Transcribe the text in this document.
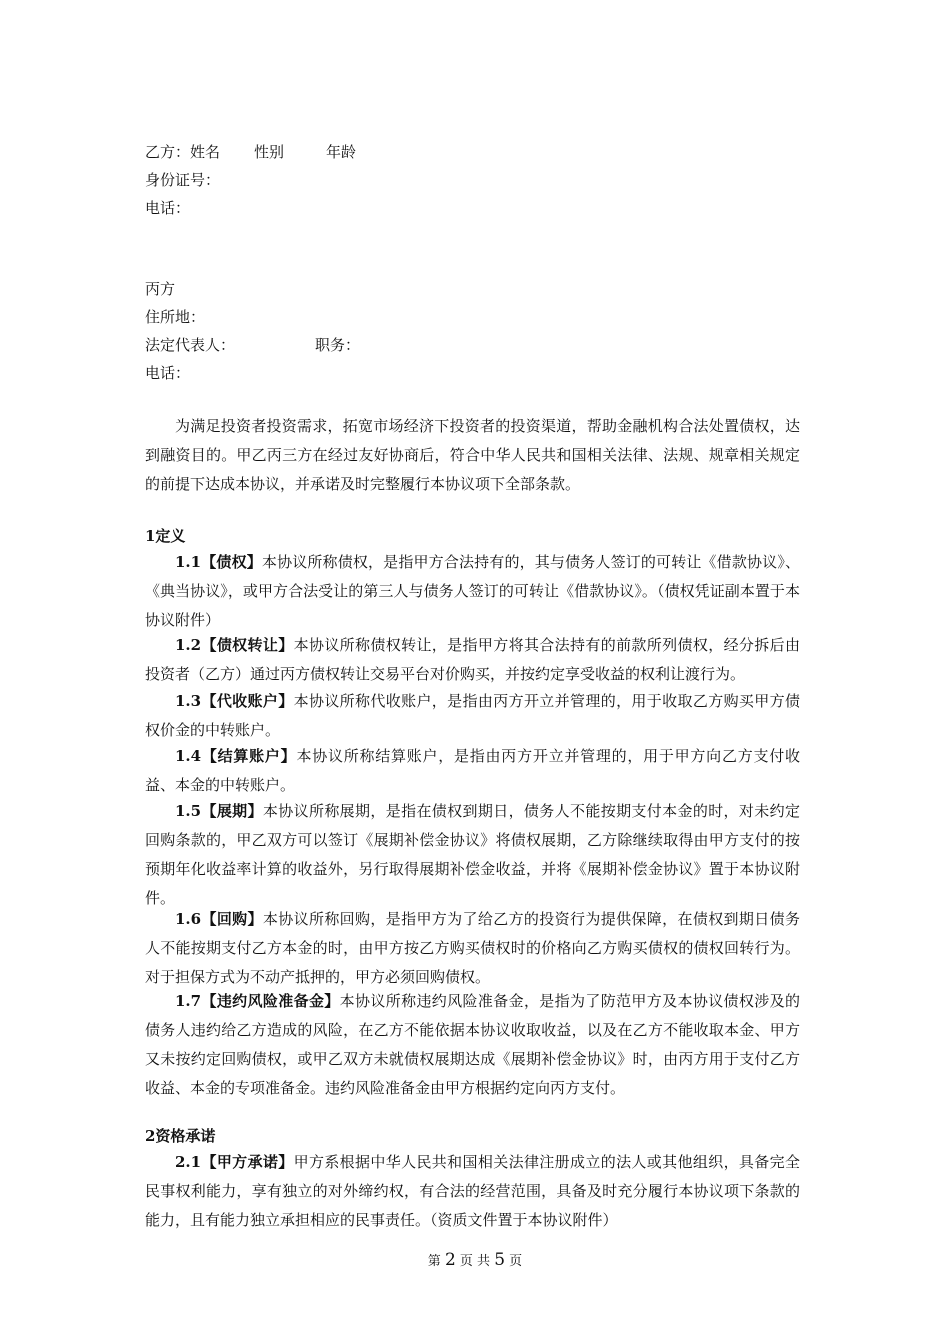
乙方：姓名 性别	年龄
身份证号：
电话：
丙方
住所地：
法定代表人：	职务：
电话：
为满足投资者投资需求，拓宽市场经济下投资者的投资渠道，帮助金融机构合法处置债权，达到融资目的。甲乙丙三方在经过友好协商后，符合中华人民共和国相关法律、法规、规章相关规定的前提下达成本协议，并承诺及时完整履行本协议项下全部条款。
1定义
1.1【债权】本协议所称债权，是指甲方合法持有的，其与债务人签订的可转让《借款协议》、《典当协议》，或甲方合法受让的第三人与债务人签订的可转让《借款协议》。（债权凭证副本置于本协议附件）
1.2【债权转让】本协议所称债权转让，是指甲方将其合法持有的前款所列债权，经分拆后由投资者（乙方）通过丙方债权转让交易平台对价购买，并按约定享受收益的权利让渡行为。
1.3【代收账户】本协议所称代收账户，是指由丙方开立并管理的，用于收取乙方购买甲方债权价金的中转账户。
1.4【结算账户】本协议所称结算账户，是指由丙方开立并管理的，用于甲方向乙方支付收益、本金的中转账户。
1.5【展期】本协议所称展期，是指在债权到期日，债务人不能按期支付本金的时，对未约定回购条款的，甲乙双方可以签订《展期补偿金协议》将债权展期，乙方除继续取得由甲方支付的按预期年化收益率计算的收益外，另行取得展期补偿金收益，并将《展期补偿金协议》置于本协议附件。
1.6【回购】本协议所称回购，是指甲方为了给乙方的投资行为提供保障，在债权到期日债务人不能按期支付乙方本金的时，由甲方按乙方购买债权时的价格向乙方购买债权的债权回转行为。对于担保方式为不动产抵押的，甲方必须回购债权。
1.7【违约风险准备金】本协议所称违约风险准备金，是指为了防范甲方及本协议债权涉及的债务人违约给乙方造成的风险，在乙方不能依据本协议收取收益，以及在乙方不能收取本金、甲方又未按约定回购债权，或甲乙双方未就债权展期达成《展期补偿金协议》时，由丙方用于支付乙方收益、本金的专项准备金。违约风险准备金由甲方根据约定向丙方支付。
2资格承诺
2.1【甲方承诺】甲方系根据中华人民共和国相关法律注册成立的法人或其他组织，具备完全民事权利能力，享有独立的对外缔约权，有合法的经营范围，具备及时充分履行本协议项下条款的能力，且有能力独立承担相应的民事责任。（资质文件置于本协议附件）
第 2 页 共 5 页
